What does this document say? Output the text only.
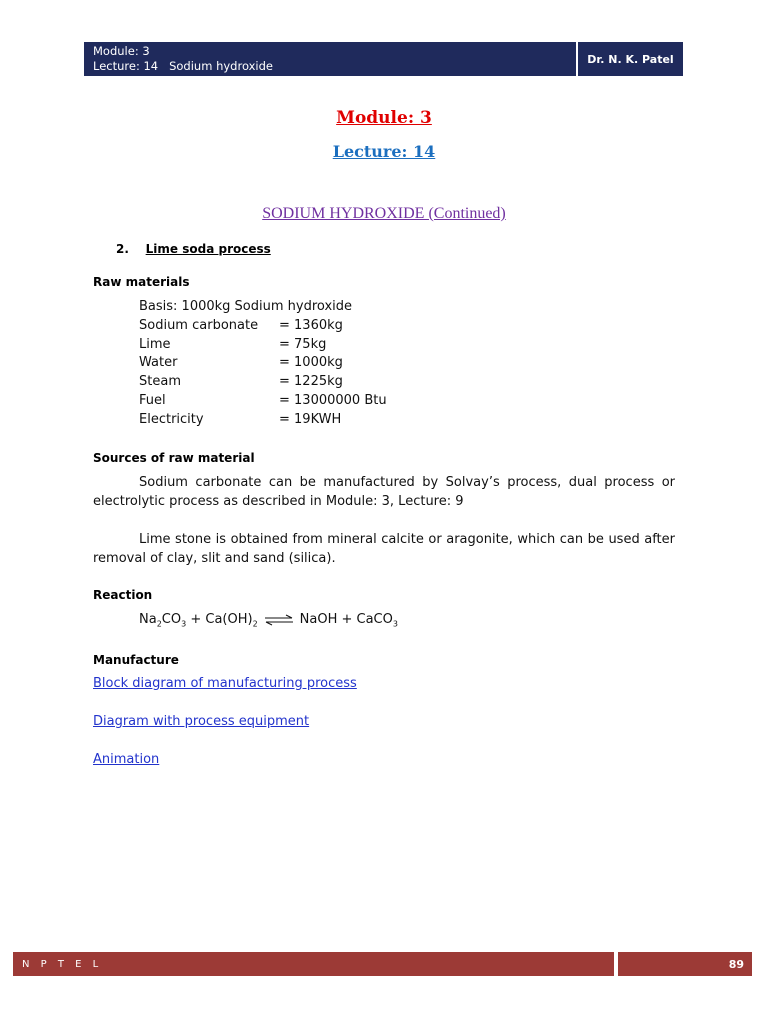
Module: 3
Lecture: 14 Sodium hydroxide	Dr. N. K. Patel
Module: 3
Lecture: 14
SODIUM HYDROXIDE (Continued)
2. Lime soda process
Raw materials
Basis: 1000kg Sodium hydroxide
Sodium carbonate = 1360kg
Lime	= 75kg
Water	= 1000kg
Steam	= 1225kg
Fuel	= 13000000 Btu
Electricity	= 19KWH
Sources of raw material
Sodium carbonate can be manufactured by Solvay’s process, dual process or electrolytic process as described in Module: 3, Lecture: 9
Lime stone is obtained from mineral calcite or aragonite, which can be used after removal of clay, slit and sand (silica).
Reaction
$Na_2CO_3 + Ca(OH)_2$ ⇌ NaOH + CaCO$_3$
Manufacture
Block diagram of manufacturing process
Diagram with process equipment
Animation
N P T E L	89
